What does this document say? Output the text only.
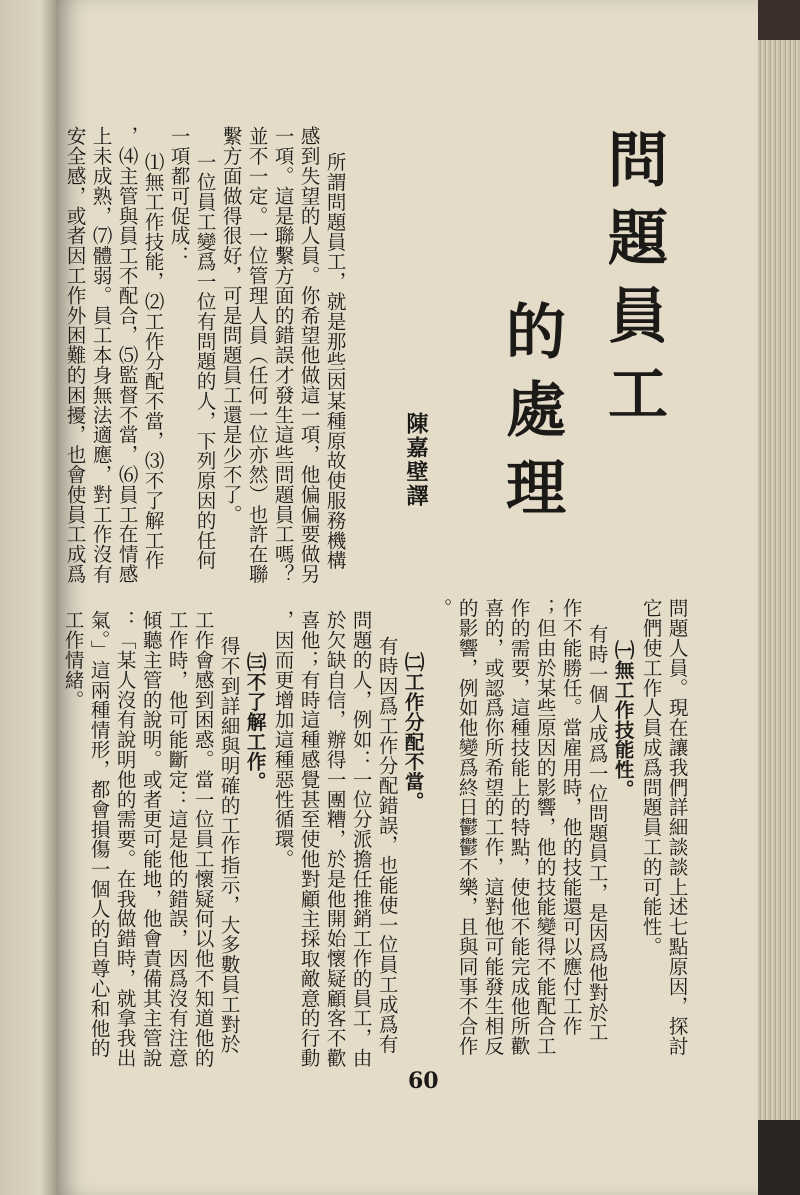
問題員工
的處理
陳嘉壁譯
所謂問題員工，就是那些因某種原故使服務機構
感到失望的人員。你希望他做這一項，他偏偏要做另
一項。這是聯繫方面的錯誤才發生這些問題員工嗎？
並不一定。一位管理人員（任何一位亦然）也許在聯
繫方面做得很好，可是問題員工還是少不了。
一位員工變爲一位有問題的人，下列原因的任何
一項都可促成：
⑴無工作技能，⑵工作分配不當，⑶不了解工作
，⑷主管與員工不配合，⑸監督不當，⑹員工在情感
上未成熟，⑺體弱。員工本身無法適應，對工作沒有
安全感，或者因工作外困難的困擾，也會使員工成爲
問題人員。現在讓我們詳細談談上述七點原因，探討
它們使工作人員成爲問題員工的可能性。
㈠無工作技能性。
有時一個人成爲一位問題員工，是因爲他對於工
作不能勝任。當雇用時，他的技能還可以應付工作
；但由於某些原因的影響，他的技能變得不能配合工
作的需要，這種技能上的特點，使他不能完成他所歡
喜的，或認爲你所希望的工作，這對他可能發生相反
的影響，例如他變爲終日鬱鬱不樂，且與同事不合作
。
㈡工作分配不當。
有時因爲工作分配錯誤，也能使一位員工成爲有
問題的人，例如：一位分派擔任推銷工作的員工，由
於欠缺自信，辦得一團糟，於是他開始懷疑顧客不歡
喜他；有時這種感覺甚至使他對顧主採取敵意的行動
，因而更增加這種惡性循環。
㈢不了解工作。
得不到詳細與明確的工作指示，大多數員工對於
工作會感到困惑。當一位員工懷疑何以他不知道他的
工作時，他可能斷定：這是他的錯誤，因爲沒有注意
傾聽主管的說明。或者更可能地，他會責備其主管說
：「某人沒有說明他的需要。在我做錯時，就拿我出
氣。」這兩種情形，都會損傷一個人的自尊心和他的
工作情緒。
60
